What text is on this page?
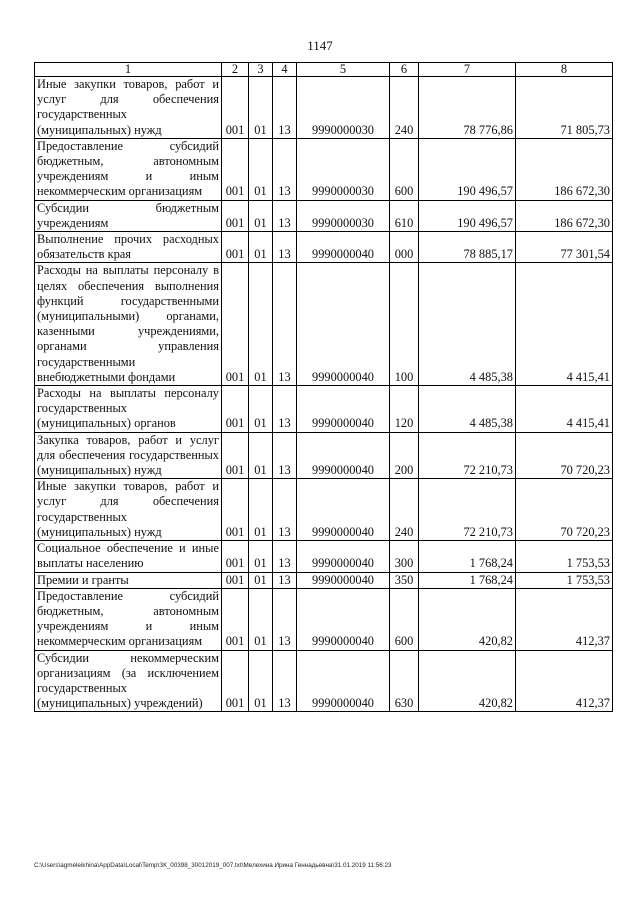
1147
1	2	3	4	5	6	7	8
Иные закупки товаров, работ и услуг для обеспечения государственных (муниципальных) нужд	001	01	13	9990000030	240	78 776,86	71 805,73
Предоставление субсидий бюджетным, автономным учреждениям и иным некоммерческим организациям	001	01	13	9990000030	600	190 496,57	186 672,30
Субсидии бюджетным учреждениям	001	01	13	9990000030	610	190 496,57	186 672,30
Выполнение прочих расходных обязательств края	001	01	13	9990000040	000	78 885,17	77 301,54
Расходы на выплаты персоналу в целях обеспечения выполнения функций государственными (муниципальными) органами, казенными учреждениями, органами управления государственными внебюджетными фондами	001	01	13	9990000040	100	4 485,38	4 415,41
Расходы на выплаты персоналу государственных (муниципальных) органов	001	01	13	9990000040	120	4 485,38	4 415,41
Закупка товаров, работ и услуг для обеспечения государственных (муниципальных) нужд	001	01	13	9990000040	200	72 210,73	70 720,23
Иные закупки товаров, работ и услуг для обеспечения государственных (муниципальных) нужд	001	01	13	9990000040	240	72 210,73	70 720,23
Социальное обеспечение и иные выплаты населению	001	01	13	9990000040	300	1 768,24	1 753,53
Премии и гранты	001	01	13	9990000040	350	1 768,24	1 753,53
Предоставление субсидий бюджетным, автономным учреждениям и иным некоммерческим организациям	001	01	13	9990000040	600	420,82	412,37
Субсидии некоммерческим организациям (за исключением государственных (муниципальных) учреждений)	001	01	13	9990000040	630	420,82	412,37
C:\Users\agmeleikhina\AppData\Local\Temp\ЗК_00398_30012019_007.txt\Мелехина Ирина Геннадьевна\31.01.2019 11:56:23
